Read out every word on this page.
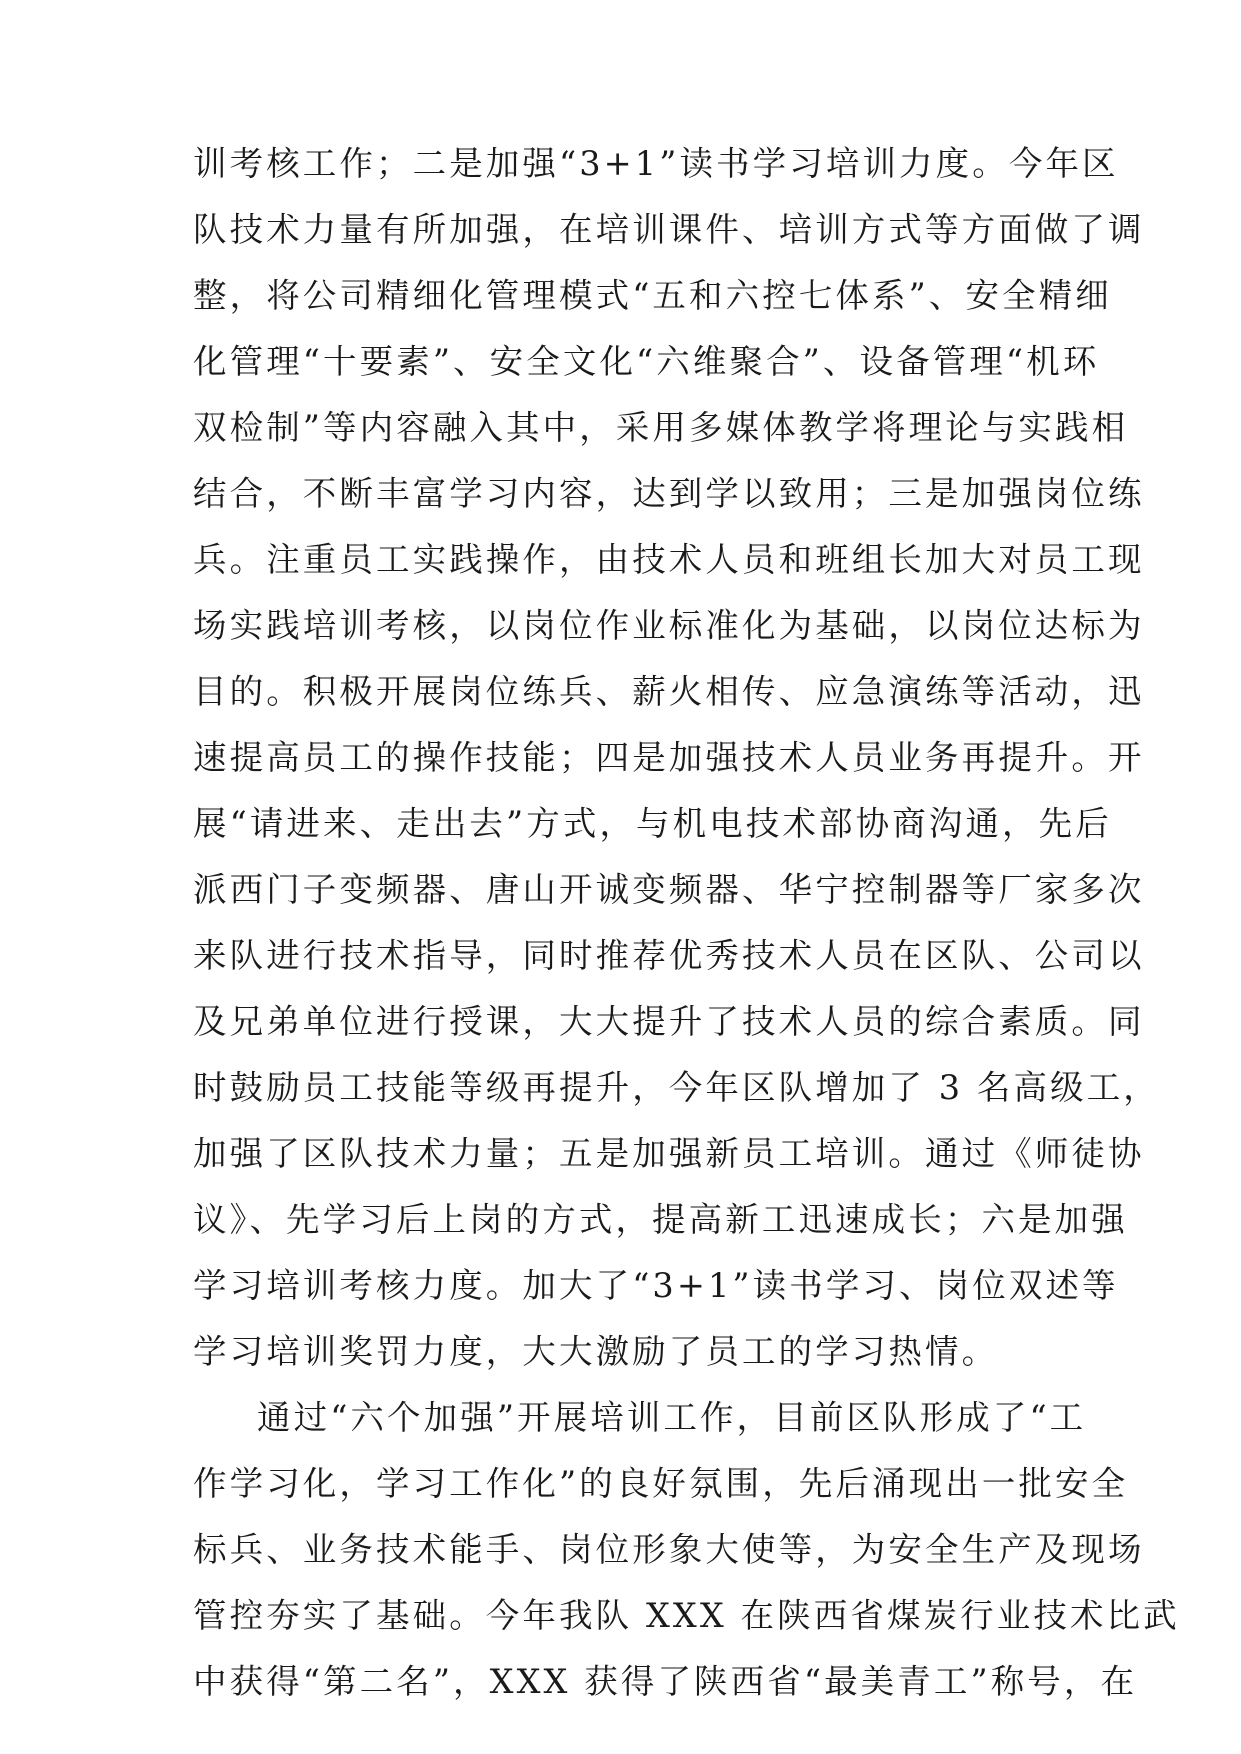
训考核工作；二是加强“3+1”读书学习培训力度。今年区
队技术力量有所加强，在培训课件、培训方式等方面做了调
整，将公司精细化管理模式“五和六控七体系”、安全精细
化管理“十要素”、安全文化“六维聚合”、设备管理“机环
双检制”等内容融入其中，采用多媒体教学将理论与实践相
结合，不断丰富学习内容，达到学以致用；三是加强岗位练
兵。注重员工实践操作，由技术人员和班组长加大对员工现
场实践培训考核，以岗位作业标准化为基础，以岗位达标为
目的。积极开展岗位练兵、薪火相传、应急演练等活动，迅
速提高员工的操作技能；四是加强技术人员业务再提升。开
展“请进来、走出去”方式，与机电技术部协商沟通，先后
派西门子变频器、唐山开诚变频器、华宁控制器等厂家多次
来队进行技术指导，同时推荐优秀技术人员在区队、公司以
及兄弟单位进行授课，大大提升了技术人员的综合素质。同
时鼓励员工技能等级再提升，今年区队增加了 3 名高级工，
加强了区队技术力量；五是加强新员工培训。通过《师徒协
议》、先学习后上岗的方式，提高新工迅速成长；六是加强
学习培训考核力度。加大了“3+1”读书学习、岗位双述等
学习培训奖罚力度，大大激励了员工的学习热情。
通过“六个加强”开展培训工作，目前区队形成了“工
作学习化，学习工作化”的良好氛围，先后涌现出一批安全
标兵、业务技术能手、岗位形象大使等，为安全生产及现场
管控夯实了基础。今年我队 XXX 在陕西省煤炭行业技术比武
中获得“第二名”，XXX 获得了陕西省“最美青工”称号，在
